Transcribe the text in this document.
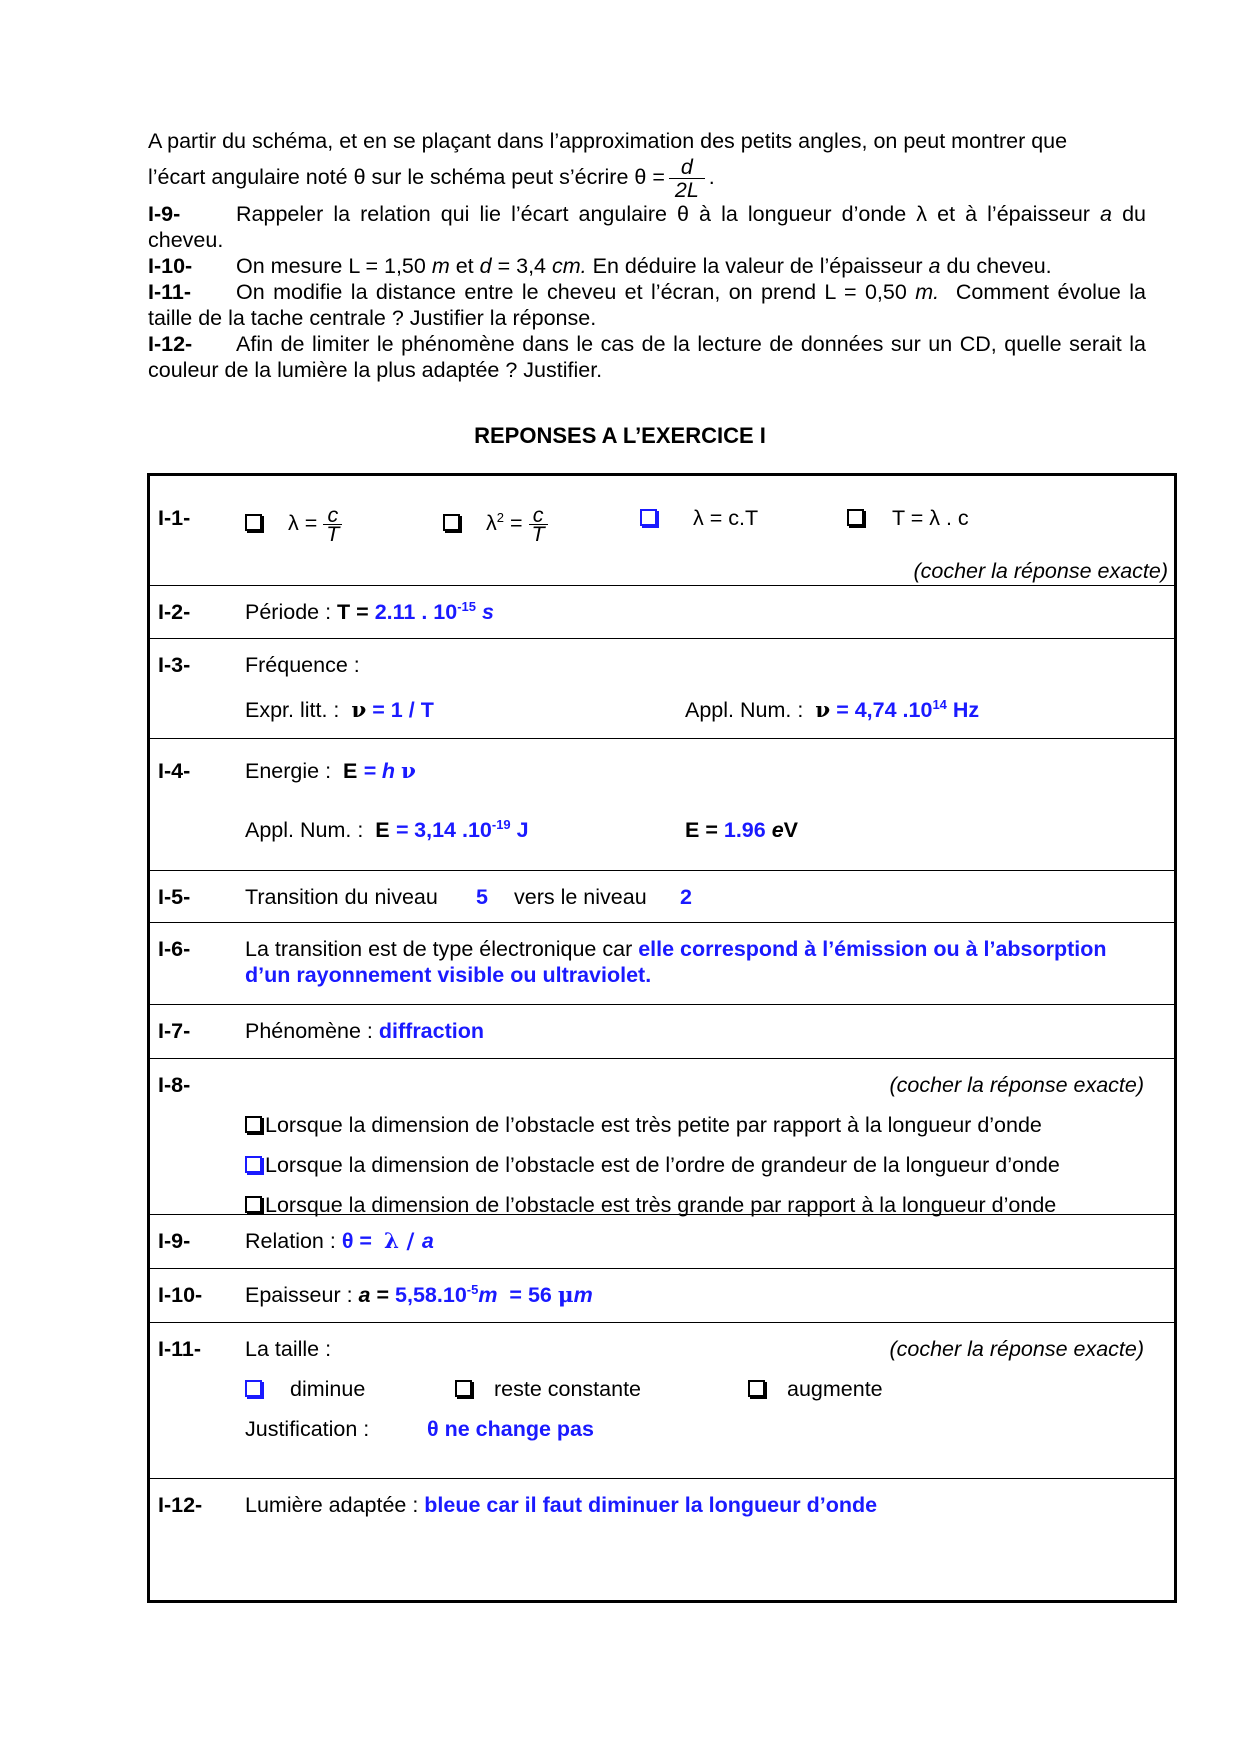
A partir du schéma, et en se plaçant dans l’approximation des petits angles, on peut montrer que

l’écart angulaire noté θ sur le schéma peut s’écrire $\theta = \frac{d}{2L}$ .

I-9-	Rappeler la relation qui lie l’écart angulaire θ à la longueur d’onde λ et à l’épaisseur a du cheveu.

I-10- On mesure L = 1,50 m et d = 3,4 cm. En déduire la valeur de l’épaisseur a du cheveu.

I-11- On modifie la distance entre le cheveu et l’écran, on prend L = 0,50 m. Comment évolue la taille de la tache centrale ? Justifier la réponse.

I-12- Afin de limiter le phénomène dans le cas de la lecture de données sur un CD, quelle serait la couleur de la lumière la plus adaptée ? Justifier.

REPONSES A L’EXERCICE I
I-1-	$\lambda = \frac{c}{T}$	$\lambda^2 = \frac{c}{T}$	λ = c.T	T = λ . c
(cocher la réponse exacte)
I-2-	Période : T = 2.11 . $10^{-15}$ s
I-3-	Fréquence :
Expr. litt. : ν = 1 / T	Appl. Num. : ν = 4,74 $.10^{14}$ Hz
I-4-	Energie : E = h ν
Appl. Num. : E = 3,14 $.10^{-19}$ J	E = 1.96 eV
I-5-	Transition du niveau 5 vers le niveau 2
I-6-	La transition est de type électronique car elle correspond à l’émission ou à l’absorption
d’un rayonnement visible ou ultraviolet.
I-7-	Phénomène : diffraction
I-8-	(cocher la réponse exacte)
Lorsque la dimension de l’obstacle est très petite par rapport à la longueur d’onde
Lorsque la dimension de l’obstacle est de l’ordre de grandeur de la longueur d’onde
Lorsque la dimension de l’obstacle est très grande par rapport à la longueur d’onde
I-9-	Relation : θ = λ / a
I-10- Epaisseur : $a = 5,58.10^{-5}m = 56$ μm
I-11- La taille :	(cocher la réponse exacte)
diminue	reste constante	augmente
Justification :	θ ne change pas
I-12- Lumière adaptée : bleue car il faut diminuer la longueur d’onde
